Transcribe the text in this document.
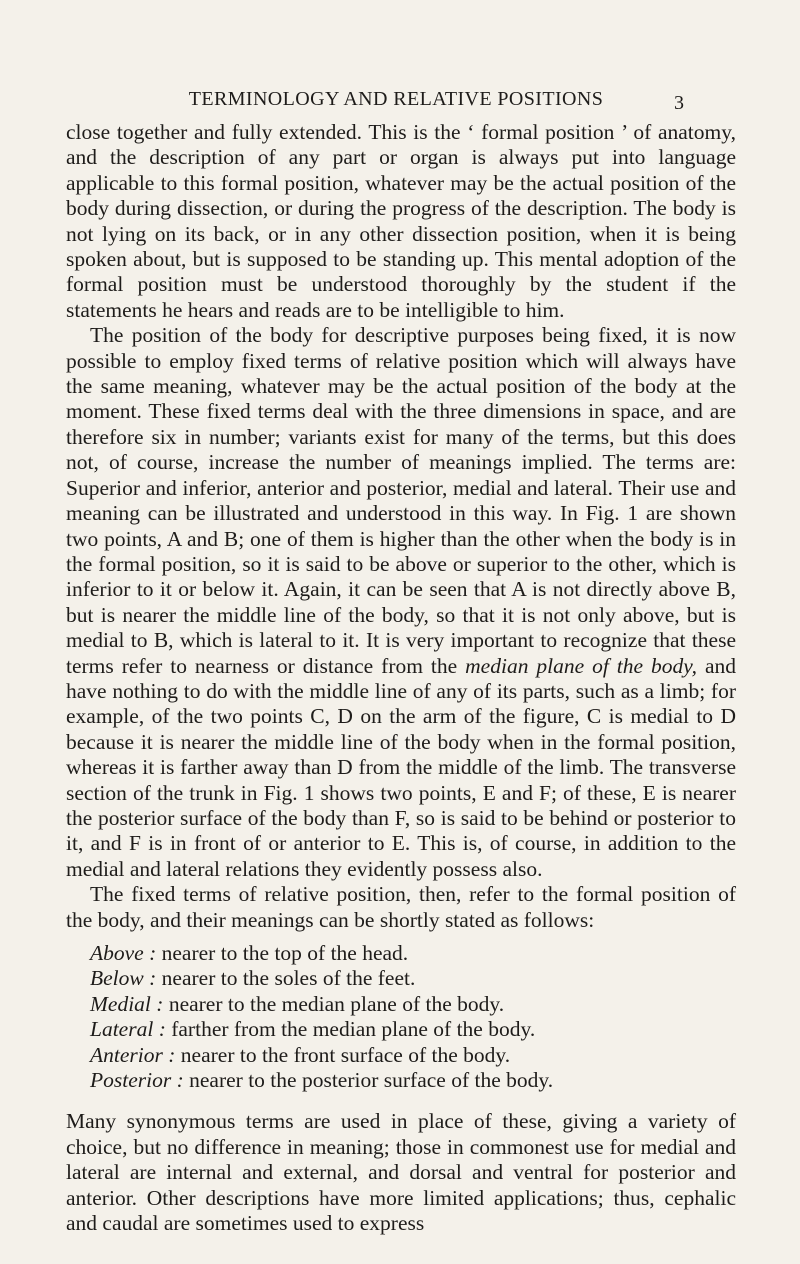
TERMINOLOGY AND RELATIVE POSITIONS	3

close together and fully extended. This is the ‘ formal position ’ of anatomy, and the description of any part or organ is always put into language applicable to this formal position, whatever may be the actual position of the body during dissection, or during the progress of the description. The body is not lying on its back, or in any other dissection position, when it is being spoken about, but is supposed to be standing up. This mental adoption of the formal position must be understood thoroughly by the student if the statements he hears and reads are to be intelligible to him.

The position of the body for descriptive purposes being fixed, it is now possible to employ fixed terms of relative position which will always have the same meaning, whatever may be the actual position of the body at the moment. These fixed terms deal with the three dimensions in space, and are therefore six in number; variants exist for many of the terms, but this does not, of course, increase the number of meanings implied. The terms are: Superior and inferior, anterior and posterior, medial and lateral. Their use and meaning can be illustrated and understood in this way. In Fig. 1 are shown two points, A and B; one of them is higher than the other when the body is in the formal position, so it is said to be above or superior to the other, which is inferior to it or below it. Again, it can be seen that A is not directly above B, but is nearer the middle line of the body, so that it is not only above, but is medial to B, which is lateral to it. It is very important to recognize that these terms refer to nearness or distance from the median plane of the body, and have nothing to do with the middle line of any of its parts, such as a limb; for example, of the two points C, D on the arm of the figure, C is medial to D because it is nearer the middle line of the body when in the formal position, whereas it is farther away than D from the middle of the limb. The transverse section of the trunk in Fig. 1 shows two points, E and F; of these, E is nearer the posterior surface of the body than F, so is said to be behind or posterior to it, and F is in front of or anterior to E. This is, of course, in addition to the medial and lateral relations they evidently possess also.

The fixed terms of relative position, then, refer to the formal position of the body, and their meanings can be shortly stated as follows:

Above : nearer to the top of the head.
Below : nearer to the soles of the feet.
Medial : nearer to the median plane of the body.
Lateral : farther from the median plane of the body.
Anterior : nearer to the front surface of the body.
Posterior : nearer to the posterior surface of the body.

Many synonymous terms are used in place of these, giving a variety of choice, but no difference in meaning; those in commonest use for medial and lateral are internal and external, and dorsal and ventral for posterior and anterior. Other descriptions have more limited applications; thus, cephalic and caudal are sometimes used to express
